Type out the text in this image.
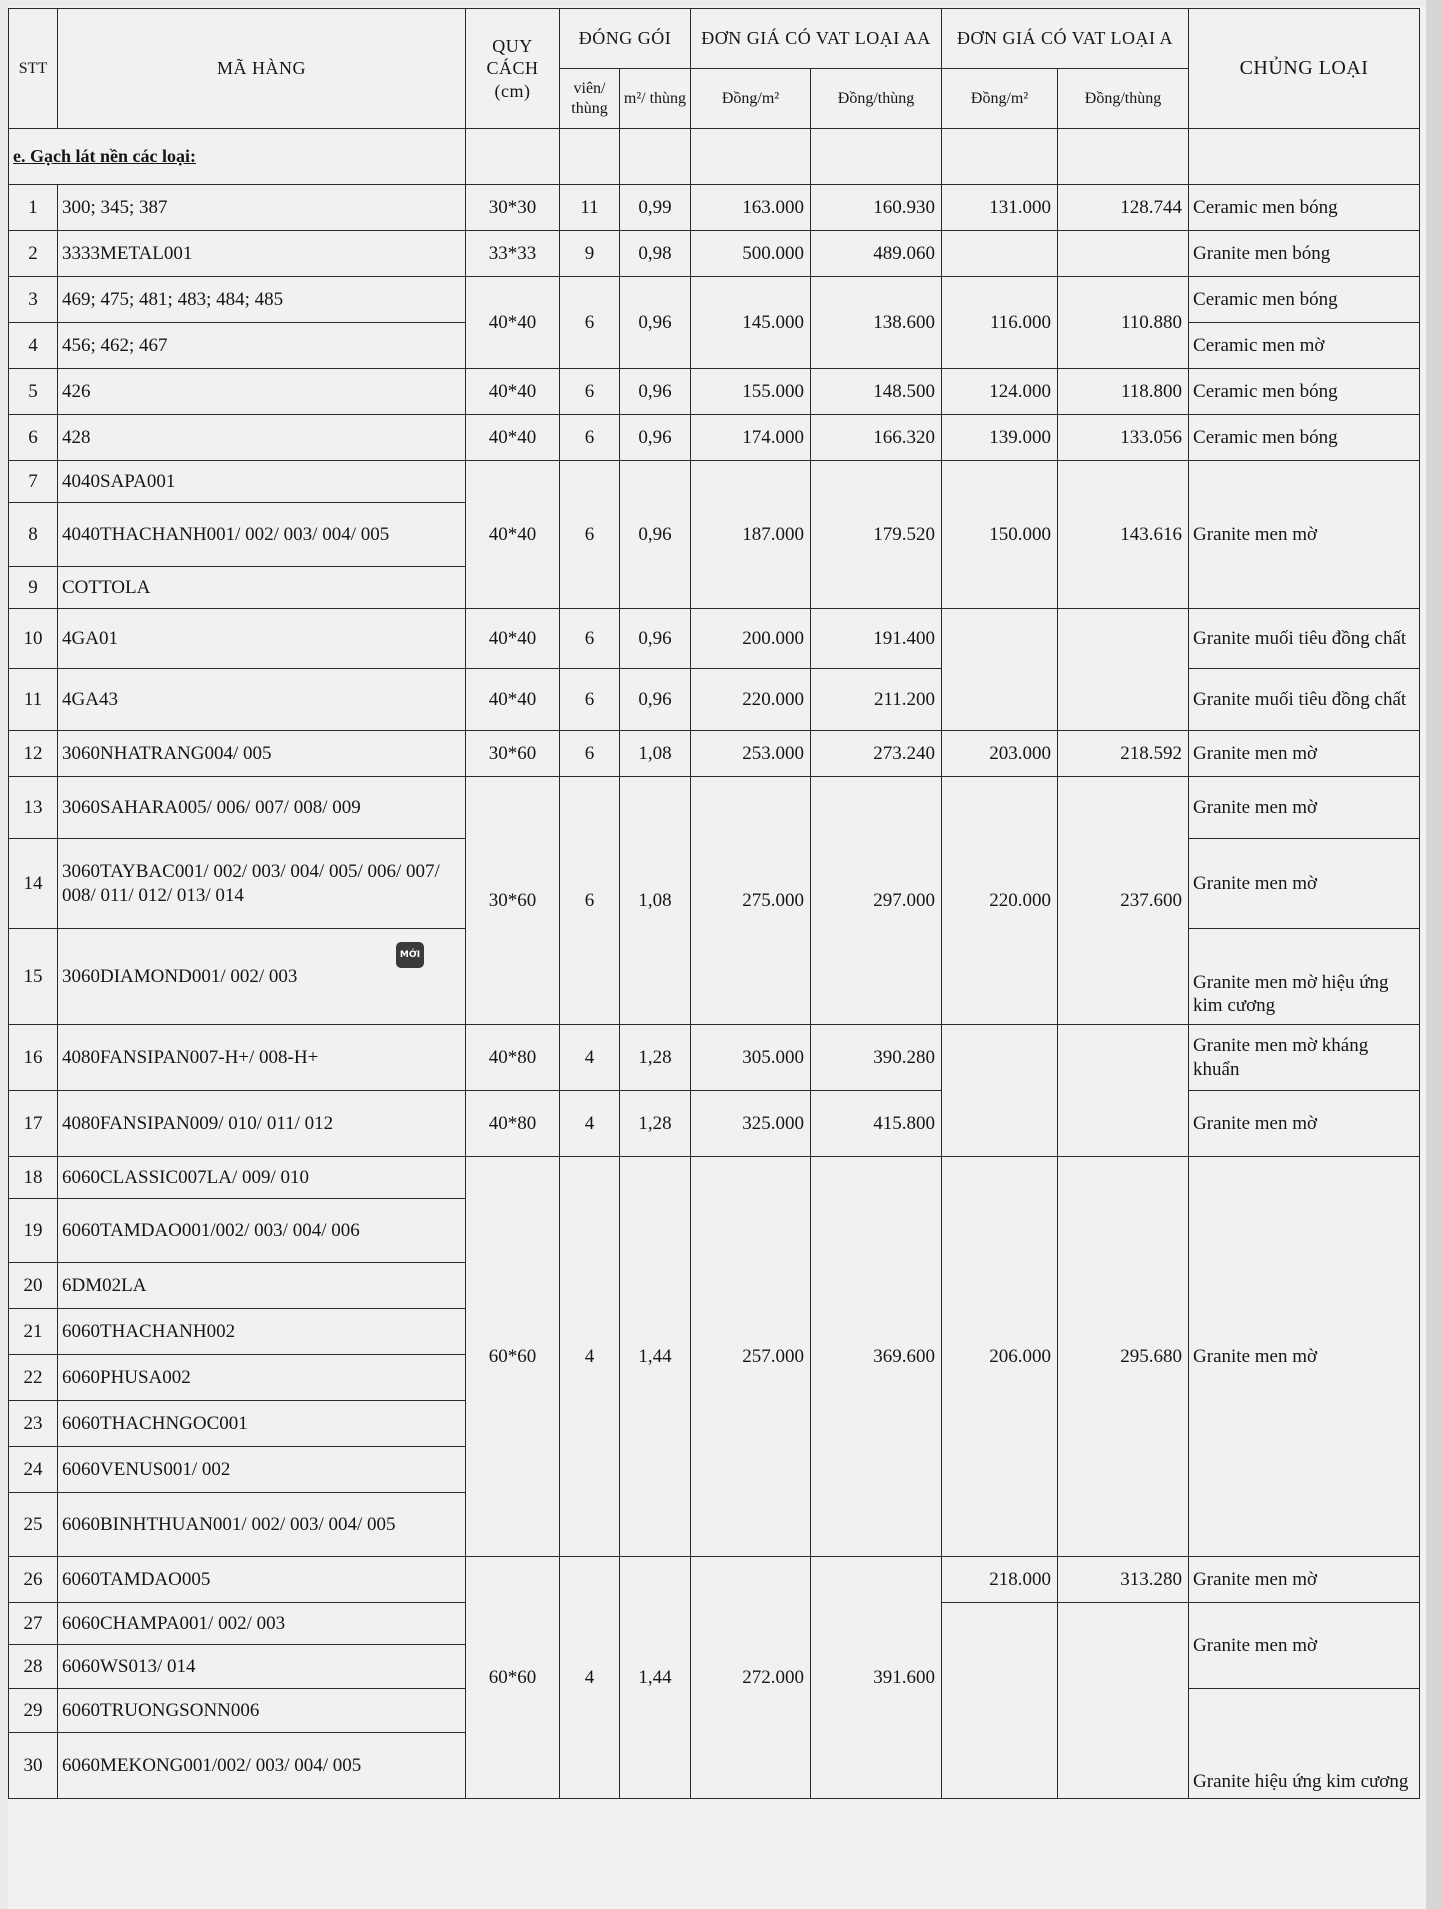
STT	MÃ HÀNG	QUY CÁCH (cm)	ĐÓNG GÓI		ĐƠN GIÁ CÓ VAT LOẠI AA		ĐƠN GIÁ CÓ VAT LOẠI A		CHỦNG LOẠI
			viên/ thùng	m²/ thùng	Đồng/m²	Đồng/thùng	Đồng/m²	Đồng/thùng	
e. Gạch lát nền các loại:									
1	300; 345; 387	30*30	11	0,99	163.000	160.930	131.000	128.744	Ceramic men bóng
2	3333METAL001	33*33	9	0,98	500.000	489.060			Granite men bóng
3	469; 475; 481; 483; 484; 485	40*40	6	0,96	145.000	138.600	116.000	110.880	Ceramic men bóng
4	456; 462; 467								Ceramic men mờ
5	426	40*40	6	0,96	155.000	148.500	124.000	118.800	Ceramic men bóng
6	428	40*40	6	0,96	174.000	166.320	139.000	133.056	Ceramic men bóng
7	4040SAPA001	40*40	6	0,96	187.000	179.520	150.000	143.616	Granite men mờ
8	4040THACHANH001/ 002/ 003/ 004/ 005								
9	COTTOLA								
10	4GA01	40*40	6	0,96	200.000	191.400			Granite muối tiêu đồng chất
11	4GA43	40*40	6	0,96	220.000	211.200			Granite muối tiêu đồng chất
12	3060NHATRANG004/ 005	30*60	6	1,08	253.000	273.240	203.000	218.592	Granite men mờ
13	3060SAHARA005/ 006/ 007/ 008/ 009	30*60	6	1,08	275.000	297.000	220.000	237.600	Granite men mờ
14	3060TAYBAC001/ 002/ 003/ 004/ 005/ 006/ 007/ 008/ 011/ 012/ 013/ 014								Granite men mờ
15	3060DIAMOND001/ 002/ 003								Granite men mờ hiệu ứng kim cương
16	4080FANSIPAN007-H+/ 008-H+	40*80	4	1,28	305.000	390.280			Granite men mờ kháng khuẩn
17	4080FANSIPAN009/ 010/ 011/ 012	40*80	4	1,28	325.000	415.800			Granite men mờ
18	6060CLASSIC007LA/ 009/ 010	60*60	4	1,44	257.000	369.600	206.000	295.680	Granite men mờ
19	6060TAMDAO001/002/ 003/ 004/ 006								
20	6DM02LA								
21	6060THACHANH002								
22	6060PHUSA002								
23	6060THACHNGOC001								
24	6060VENUS001/ 002								
25	6060BINHTHUAN001/ 002/ 003/ 004/ 005								
26	6060TAMDAO005	60*60	4	1,44	272.000	391.600	218.000	313.280	Granite men mờ
27	6060CHAMPA001/ 002/ 003								Granite men mờ
28	6060WS013/ 014								
29	6060TRUONGSONN006								Granite hiệu ứng kim cương
30	6060MEKONG001/002/ 003/ 004/ 005								
MỚI
